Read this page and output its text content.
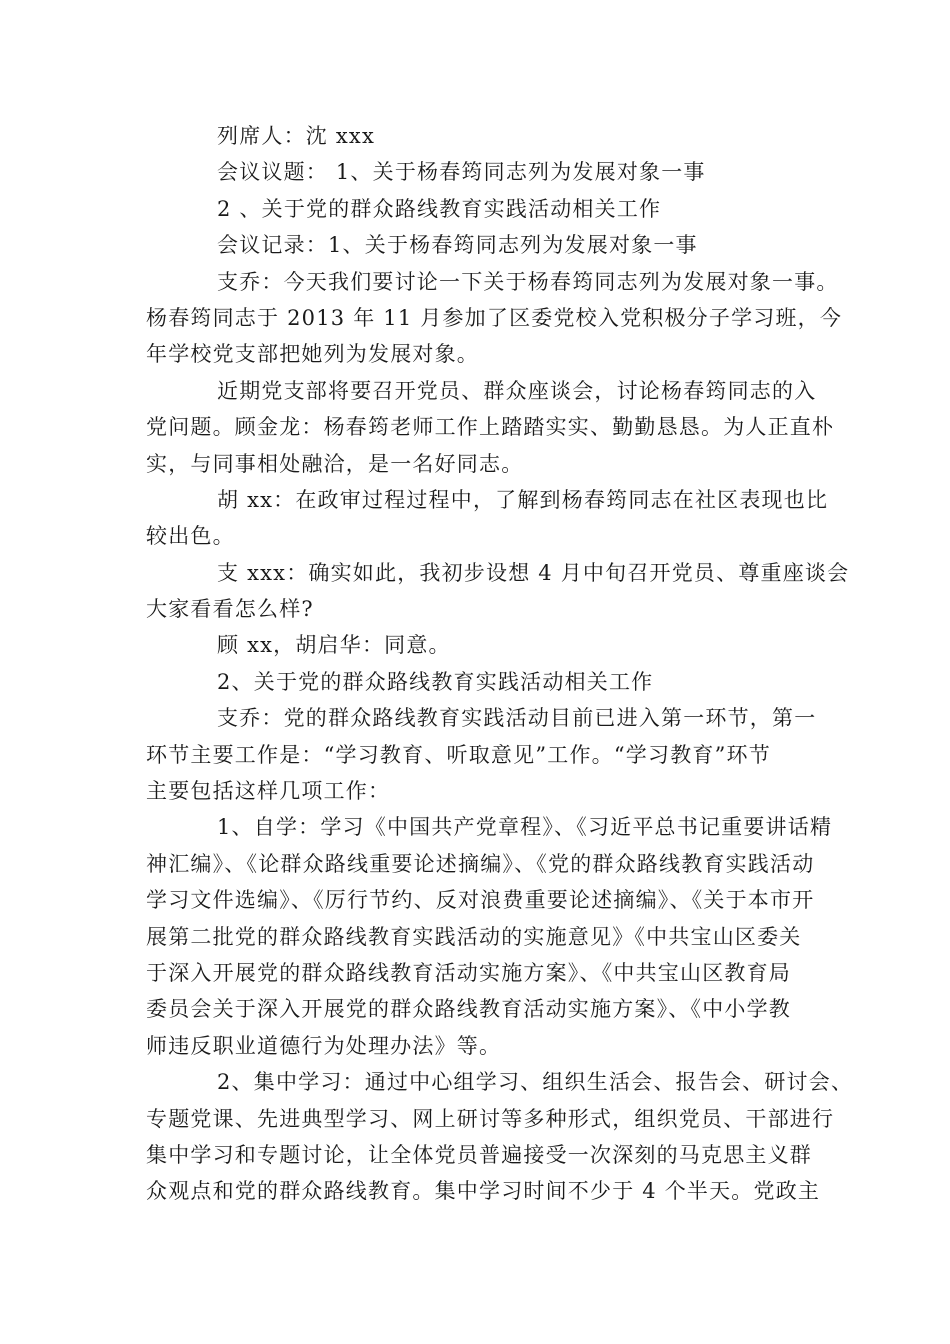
列席人：沈 xxx
会议议题： 1、关于杨春筠同志列为发展对象一事
2 、关于党的群众路线教育实践活动相关工作
会议记录：1、关于杨春筠同志列为发展对象一事
支乔：今天我们要讨论一下关于杨春筠同志列为发展对象一事。
杨春筠同志于 2013 年 11 月参加了区委党校入党积极分子学习班，今
年学校党支部把她列为发展对象。
近期党支部将要召开党员、群众座谈会，讨论杨春筠同志的入
党问题。顾金龙：杨春筠老师工作上踏踏实实、勤勤恳恳。为人正直朴
实，与同事相处融洽，是一名好同志。
胡 xx：在政审过程过程中，了解到杨春筠同志在社区表现也比
较出色。
支 xxx：确实如此，我初步设想 4 月中旬召开党员、尊重座谈会
大家看看怎么样?
顾 xx，胡启华：同意。
2、关于党的群众路线教育实践活动相关工作
支乔：党的群众路线教育实践活动目前已进入第一环节，第一
环节主要工作是：“学习教育、听取意见”工作。“学习教育”环节
主要包括这样几项工作：
1、自学：学习《中国共产党章程》、《习近平总书记重要讲话精
神汇编》、《论群众路线重要论述摘编》、《党的群众路线教育实践活动
学习文件选编》、《厉行节约、反对浪费重要论述摘编》、《关于本市开
展第二批党的群众路线教育实践活动的实施意见》《中共宝山区委关
于深入开展党的群众路线教育活动实施方案》、《中共宝山区教育局
委员会关于深入开展党的群众路线教育活动实施方案》、《中小学教
师违反职业道德行为处理办法》等。
2、集中学习：通过中心组学习、组织生活会、报告会、研讨会、
专题党课、先进典型学习、网上研讨等多种形式，组织党员、干部进行
集中学习和专题讨论，让全体党员普遍接受一次深刻的马克思主义群
众观点和党的群众路线教育。集中学习时间不少于 4 个半天。党政主
